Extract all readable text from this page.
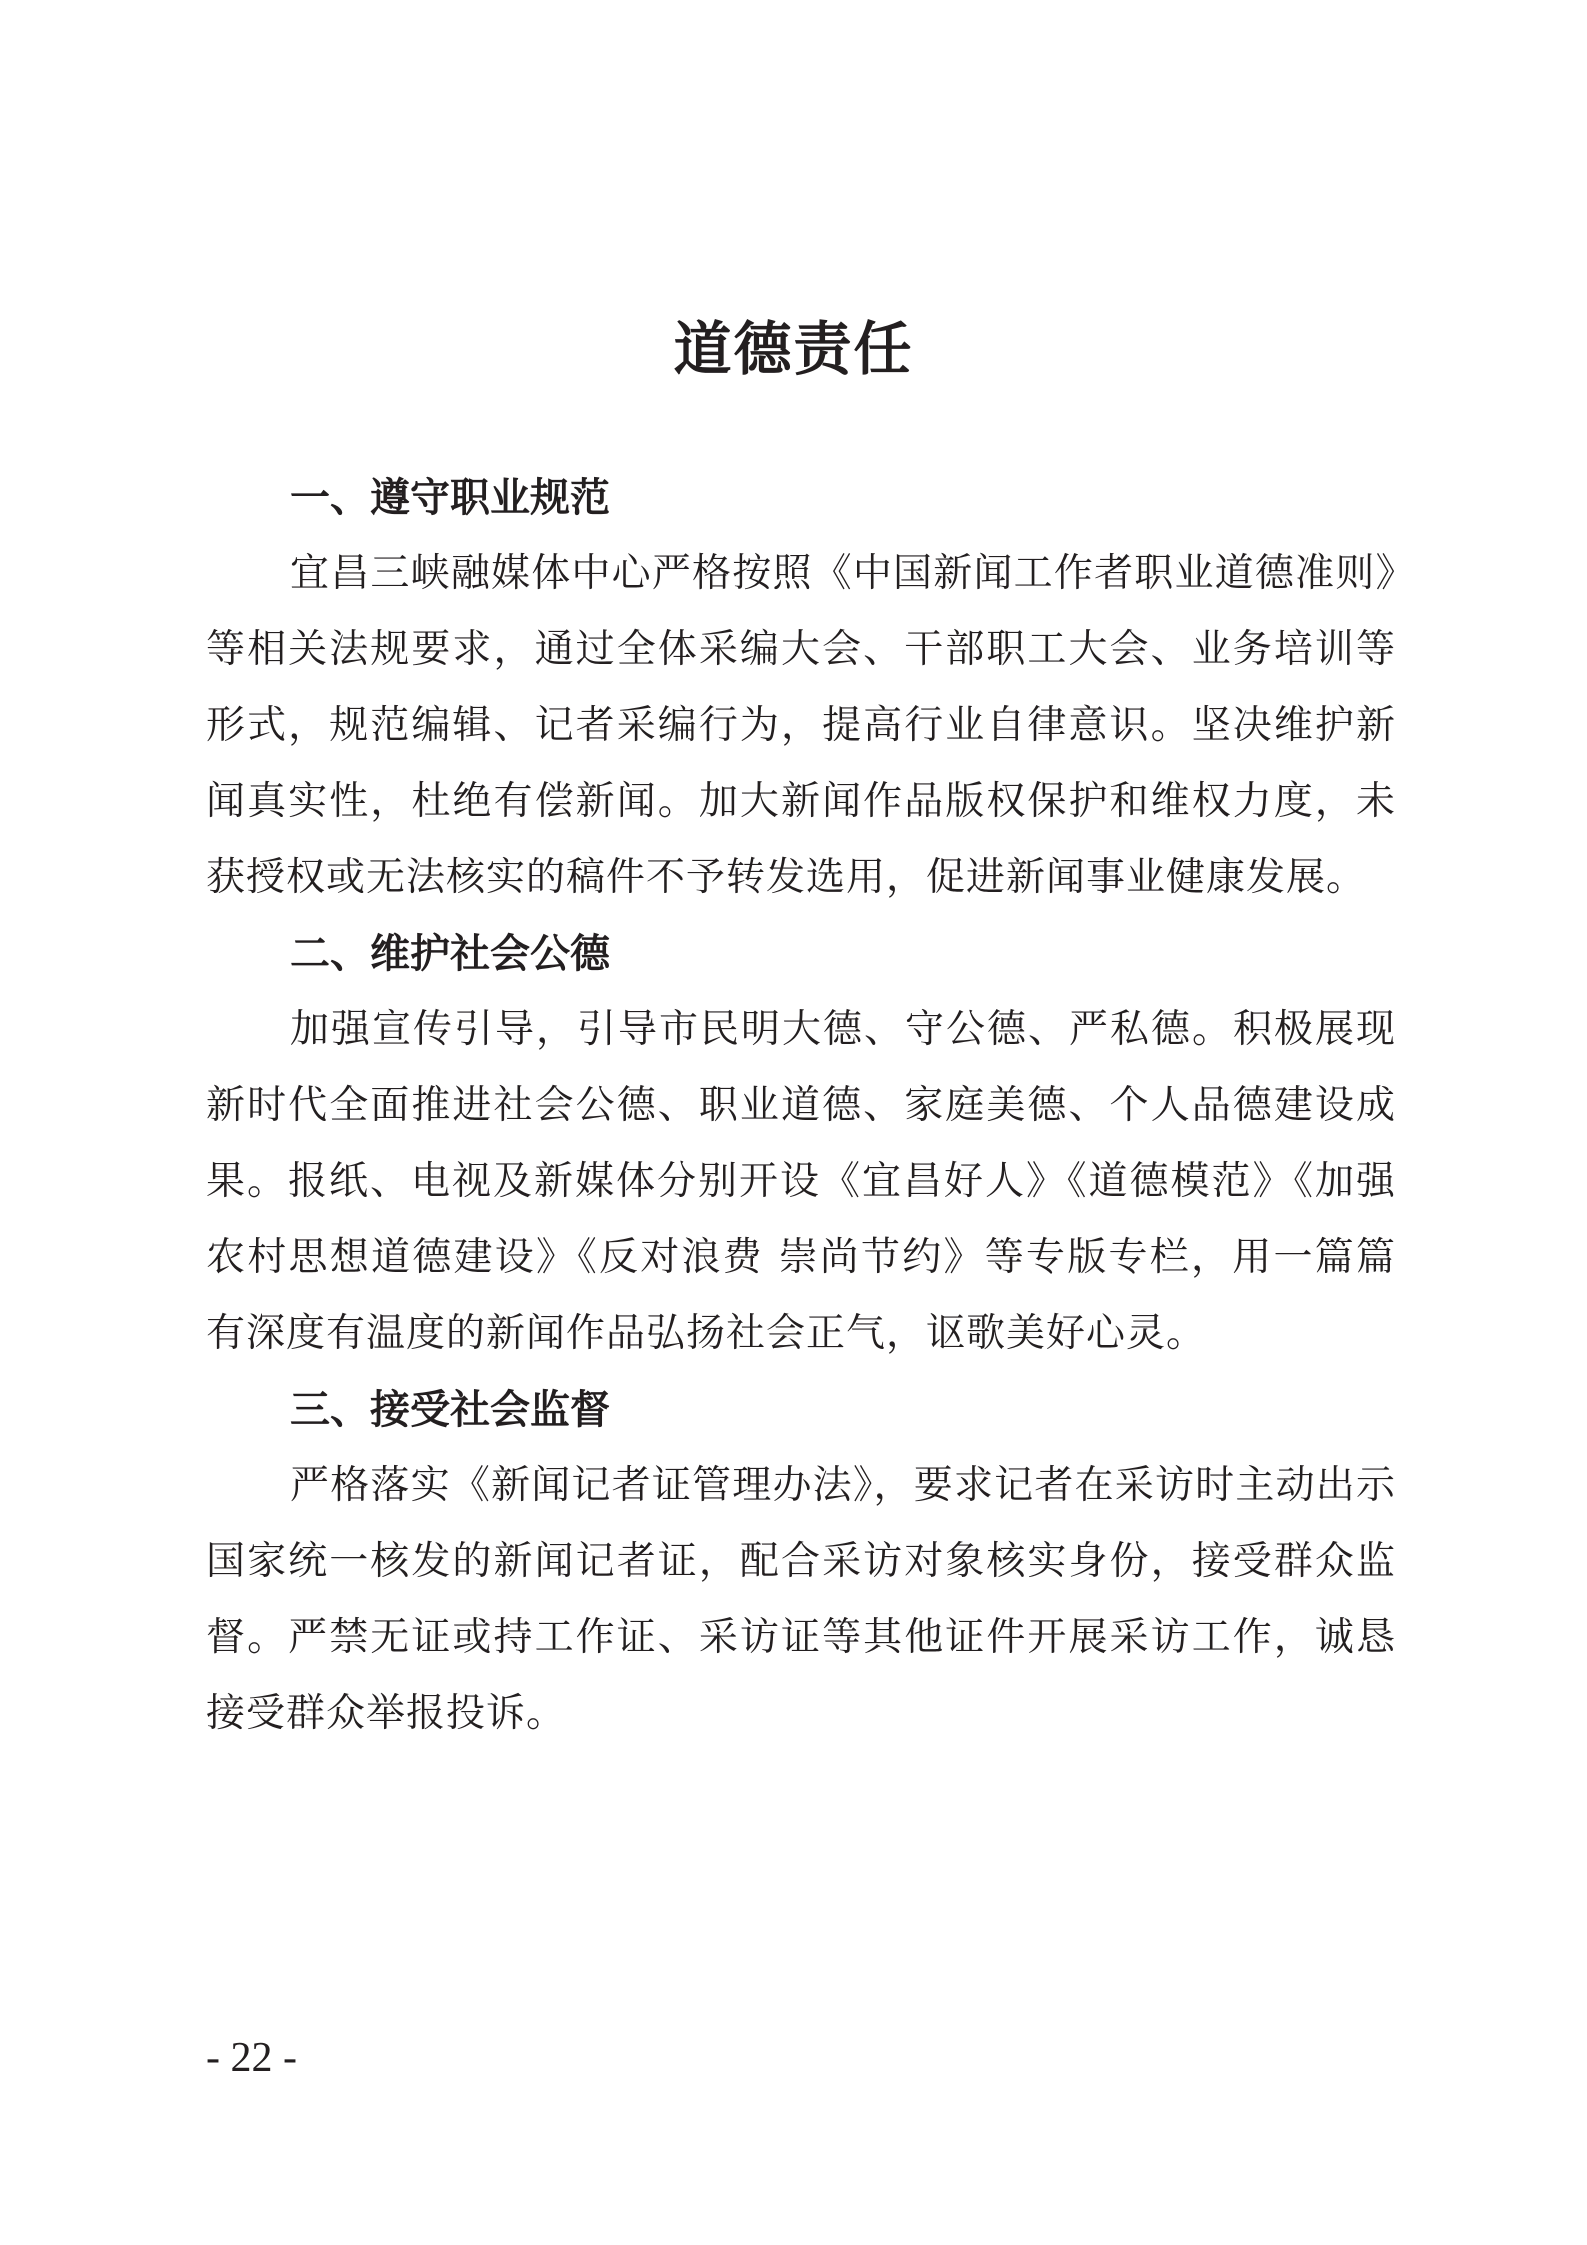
道德责任
一、遵守职业规范

宜昌三峡融媒体中心严格按照《中国新闻工作者职业道德准则》等相关法规要求，通过全体采编大会、干部职工大会、业务培训等形式，规范编辑、记者采编行为，提高行业自律意识。坚决维护新闻真实性，杜绝有偿新闻。加大新闻作品版权保护和维权力度，未获授权或无法核实的稿件不予转发选用，促进新闻事业健康发展。

二、维护社会公德

加强宣传引导，引导市民明大德、守公德、严私德。积极展现新时代全面推进社会公德、职业道德、家庭美德、个人品德建设成果。报纸、电视及新媒体分别开设《宜昌好人》《道德模范》《加强农村思想道德建设》《反对浪费 崇尚节约》等专版专栏，用一篇篇有深度有温度的新闻作品弘扬社会正气，讴歌美好心灵。

三、接受社会监督

严格落实《新闻记者证管理办法》，要求记者在采访时主动出示国家统一核发的新闻记者证，配合采访对象核实身份，接受群众监督。严禁无证或持工作证、采访证等其他证件开展采访工作，诚恳接受群众举报投诉。

- 22 -
